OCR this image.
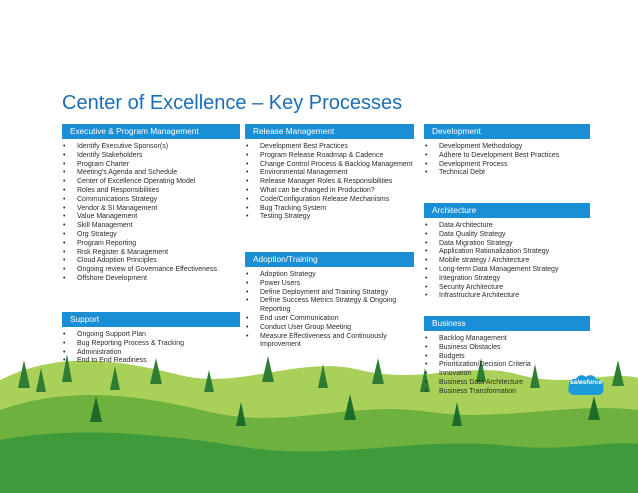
Center of Excellence – Key Processes
Executive & Program Management
• Identify Executive Sponsor(s)
• Identify Stakeholders
• Program Charter
• Meeting's Agenda and Schedule
• Center of Excellence Operating Model
• Roles and Responsibilities
• Communications Strategy
• Vendor & SI Management
• Value Management
• Skill Management
• Org Strategy
• Program Reporting
• Risk Register & Management
• Cloud Adoption Principles
• Ongoing review of Governance Effectiveness
• Offshore Development
Support
• Ongoing Support Plan
• Bug Reporting Process & Tracking
• Administration
• End to End Readiness
Release Management
• Development Best Practices
• Program Release Roadmap & Cadence
• Change Control Process & Backlog Management
• Environmental Management
• Release Manager Roles & Responsibilities
• What can be changed in Production?
• Code/Configuration Release Mechanisms
• Bug Tracking System
• Testing Strategy
Adoption/Training
• Adoption Strategy
• Power Users
• Define Deployment and Training Strategy
• Define Success Metrics Strategy & Ongoing Reporting
• End user Communication
• Conduct User Group Meeting
• Measure Effectiveness and Continuously Improvement
Development
• Development Methodology
• Adhere to Development Best Practices
• Development Process
• Technical Debt
Architecture
• Data Architecture
• Data Quality Strategy
• Data Migration Strategy
• Application Rationalization Strategy
• Mobile strategy / Architecture
• Long-term Data Management Strategy
• Integration Strategy
• Security Architecture
• Infrastructure Architecture
Business
• Backlog Management
• Business Obstacles
• Budgets
• Prioritization/Decision Criteria
• Innovation
• Business Data Architecture
• Business Transformation
salesforce
